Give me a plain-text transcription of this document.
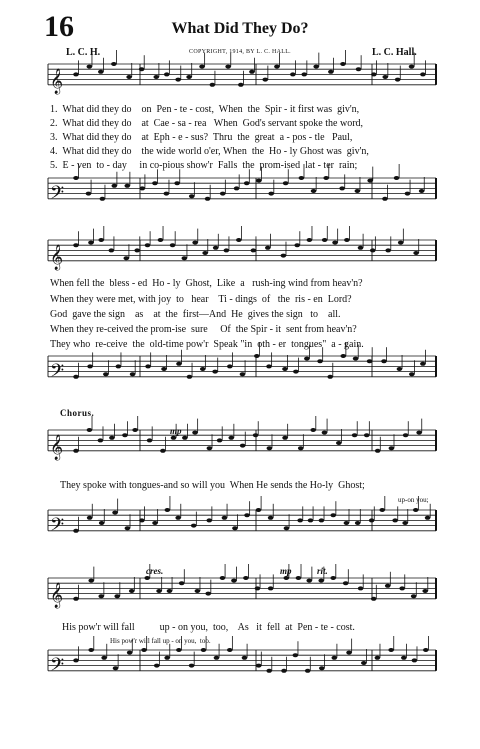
16	What Did They Do?
L. C. H.	COPYRIGHT, 1914, BY L. C. HALL.	L. C. Hall.
𝄞
𝄢
𝄞
𝄢
𝄞
𝄢
𝄞
𝄢
1.  What did they do    on  Pen - te - cost,  When  the  Spir - it first was  giv'n,
2.  What did they do    at  Cae - sa - rea   When  God's servant spoke the word,
3.  What did they do    at  Eph - e - sus?  Thru  the  great  a - pos - tle   Paul,
4.  What did they do    the wide world o'er, When  the  Ho - ly Ghost was  giv'n,
5.  E - ven  to - day     in co-pious show'r  Falls  the  prom-ised  lat - ter  rain;
When fell the  bless - ed  Ho - ly  Ghost,  Like  a   rush-ing wind from heav'n?
When they were met, with joy  to   hear    Ti - dings  of   the  ris - en  Lord?
God  gave the sign    as    at  the  first—And  He  gives the sign   to    all.
When they re-ceived the prom-ise  sure     Of  the Spir - it  sent from heav'n?
They who  re-ceive  the  old-time pow'r  Speak "in  oth - er  tongues"  a - gain.
Chorus.
mp
They spoke with tongues-and so will you  When He sends the Ho-ly  Ghost;
up-on you;
cres.	mp	rit.
His pow'r will fall          up - on you,  too,    As   it  fell  at  Pen - te - cost.
His pow'r will fall up - on you,  too.
